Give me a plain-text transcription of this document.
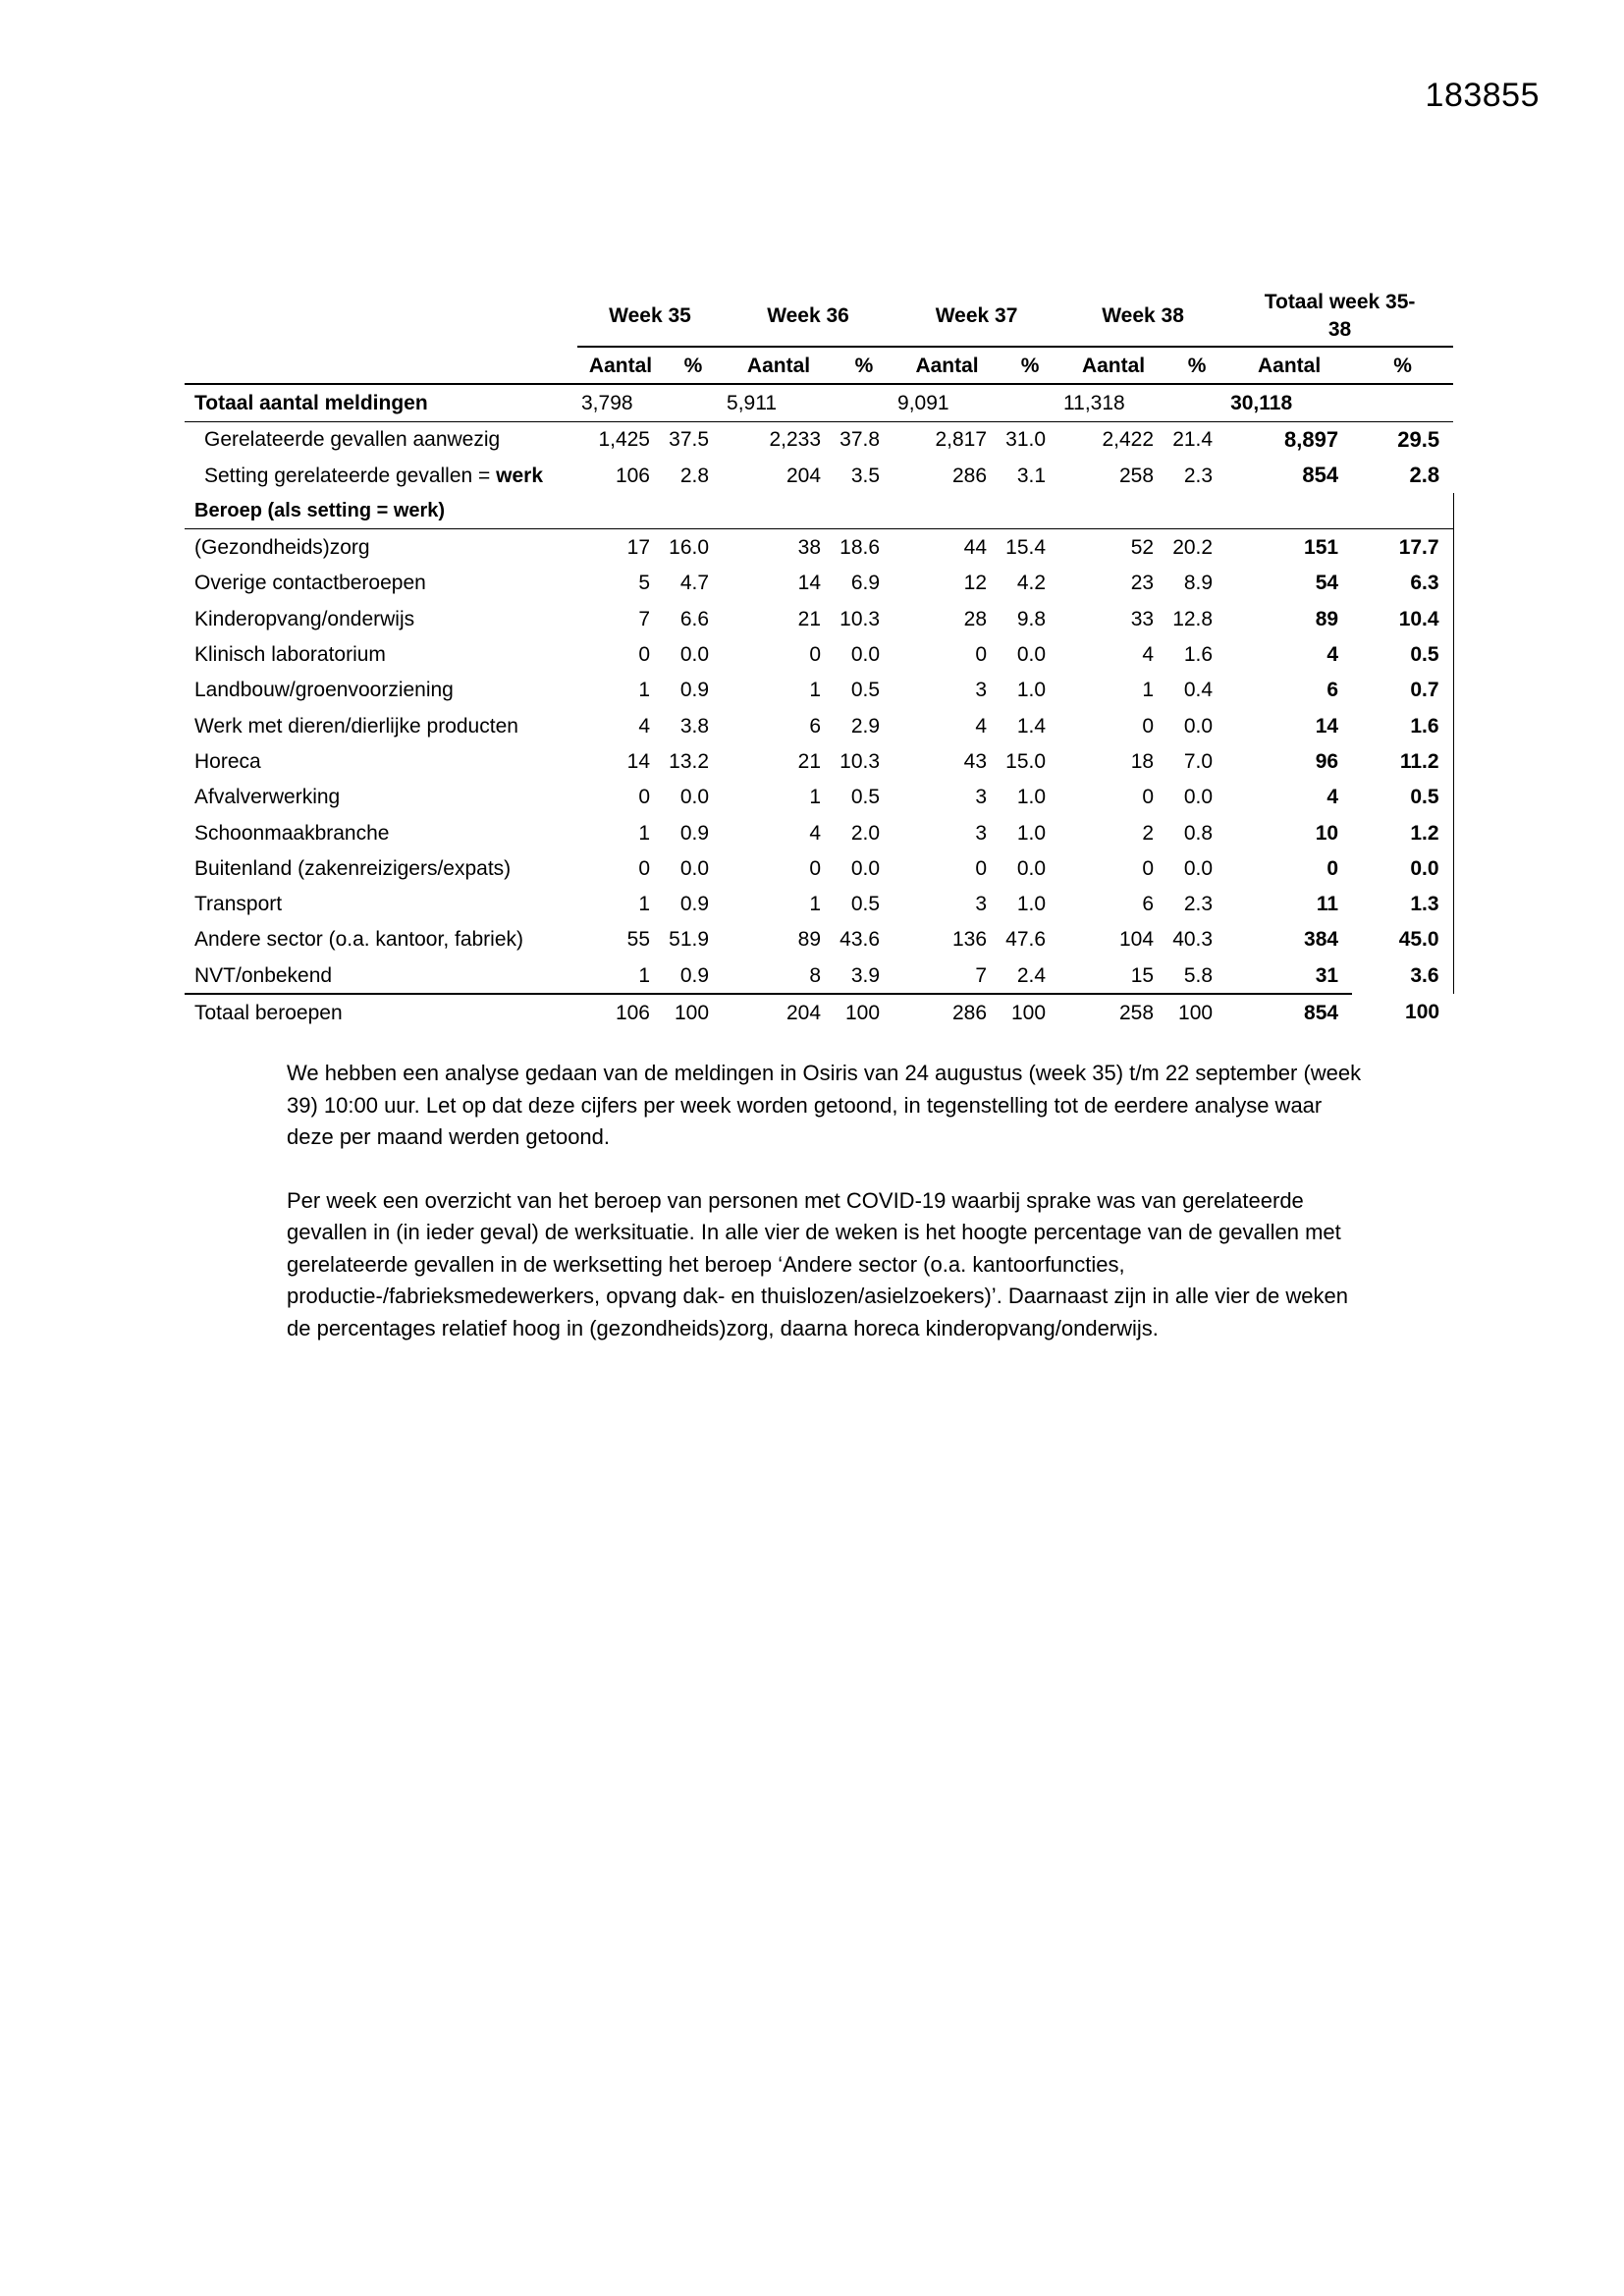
183855
	Week 35		Week 36		Week 37		Week 38		Totaal week 35-
38	
	Aantal	%	Aantal	%	Aantal	%	Aantal	%	Aantal	%
Totaal aantal meldingen	3,798		5,911		9,091		11,318		30,118	
Gerelateerde gevallen aanwezig	1,425	37.5	2,233	37.8	2,817	31.0	2,422	21.4	8,897	29.5
Setting gerelateerde gevallen = werk	106	2.8	204	3.5	286	3.1	258	2.3	854	2.8
Beroep (als setting = werk)										
(Gezondheids)zorg	17	16.0	38	18.6	44	15.4	52	20.2	151	17.7
Overige contactberoepen	5	4.7	14	6.9	12	4.2	23	8.9	54	6.3
Kinderopvang/onderwijs	7	6.6	21	10.3	28	9.8	33	12.8	89	10.4
Klinisch laboratorium	0	0.0	0	0.0	0	0.0	4	1.6	4	0.5
Landbouw/groenvoorziening	1	0.9	1	0.5	3	1.0	1	0.4	6	0.7
Werk met dieren/dierlijke producten	4	3.8	6	2.9	4	1.4	0	0.0	14	1.6
Horeca	14	13.2	21	10.3	43	15.0	18	7.0	96	11.2
Afvalverwerking	0	0.0	1	0.5	3	1.0	0	0.0	4	0.5
Schoonmaakbranche	1	0.9	4	2.0	3	1.0	2	0.8	10	1.2
Buitenland (zakenreizigers/expats)	0	0.0	0	0.0	0	0.0	0	0.0	0	0.0
Transport	1	0.9	1	0.5	3	1.0	6	2.3	11	1.3
Andere sector (o.a. kantoor, fabriek)	55	51.9	89	43.6	136	47.6	104	40.3	384	45.0
NVT/onbekend	1	0.9	8	3.9	7	2.4	15	5.8	31	3.6
Totaal beroepen	106	100	204	100	286	100	258	100	854	100

We hebben een analyse gedaan van de meldingen in Osiris van 24 augustus (week 35) t/m 22 september (week 39) 10:00 uur. Let op dat deze cijfers per week worden getoond, in tegenstelling tot de eerdere analyse waar deze per maand werden getoond.

Per week een overzicht van het beroep van personen met COVID-19 waarbij sprake was van gerelateerde gevallen in (in ieder geval) de werksituatie. In alle vier de weken is het hoogte percentage van de gevallen met gerelateerde gevallen in de werksetting het beroep ‘Andere sector (o.a. kantoorfuncties, productie-/fabrieksmedewerkers, opvang dak- en thuislozen/asielzoekers)’. Daarnaast zijn in alle vier de weken de percentages relatief hoog in (gezondheids)zorg, daarna horeca kinderopvang/onderwijs.
